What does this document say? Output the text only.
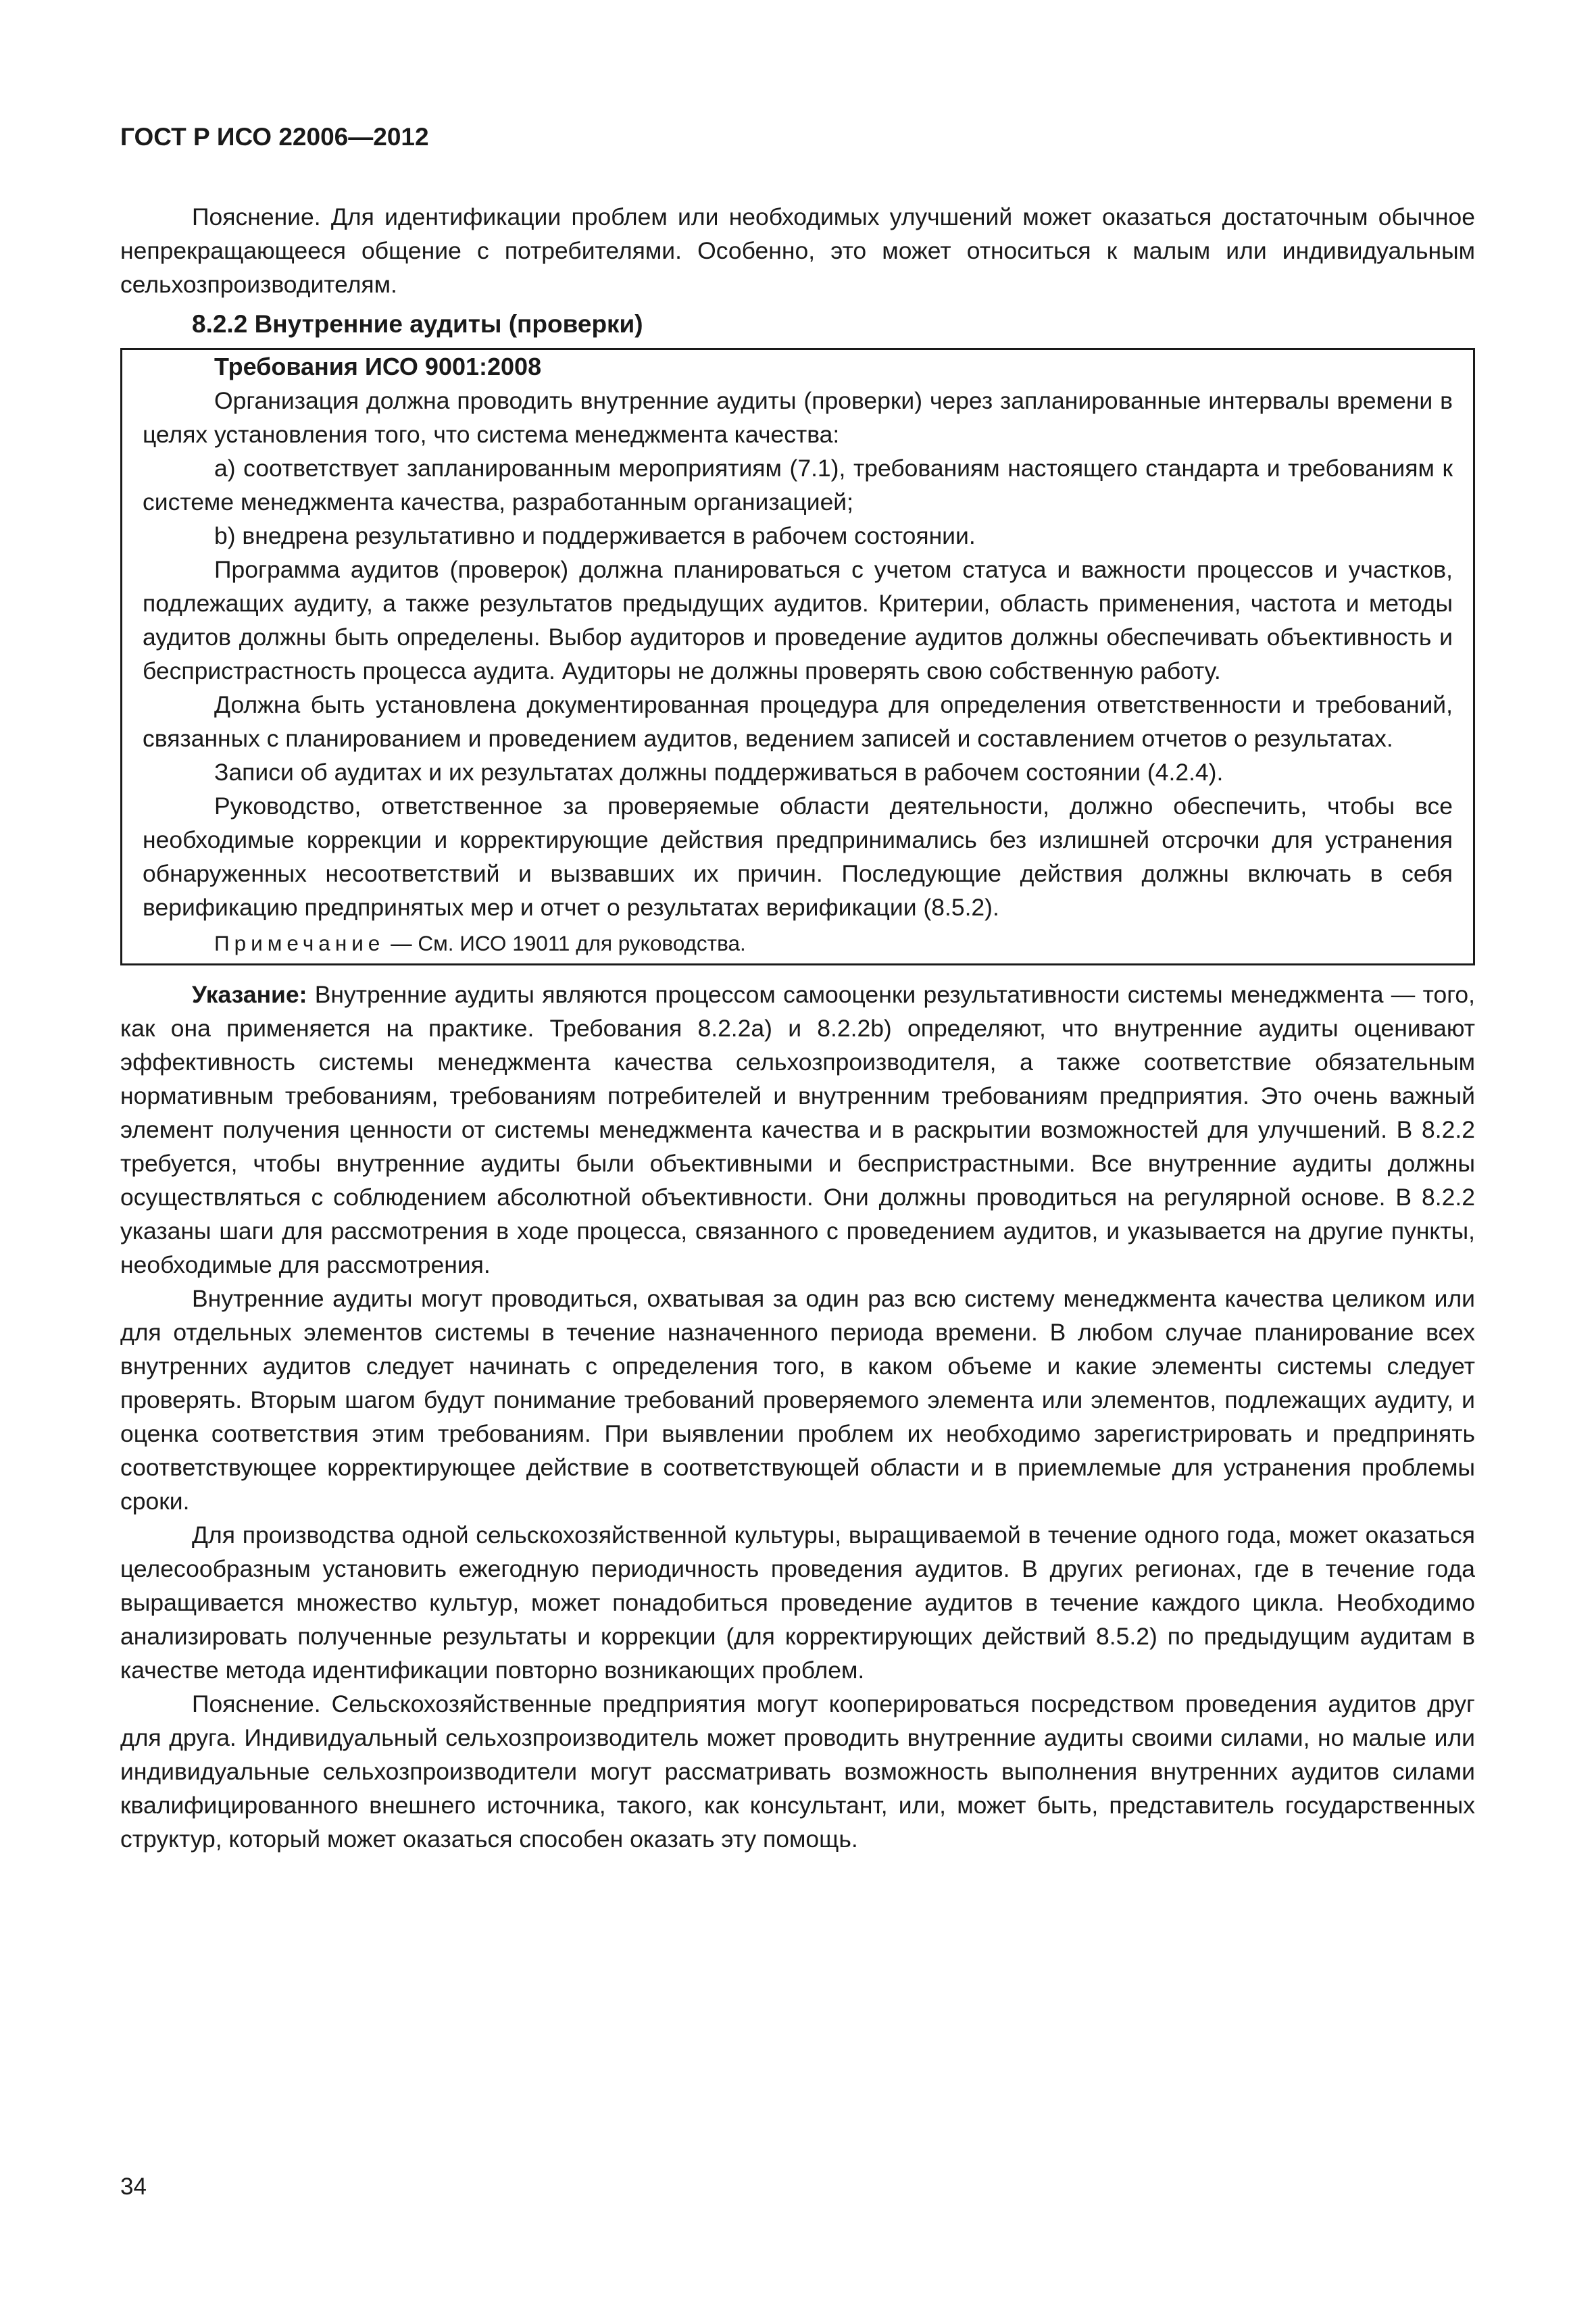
ГОСТ Р ИСО 22006—2012

Пояснение. Для идентификации проблем или необходимых улучшений может оказаться достаточным обычное непрекращающееся общение с потребителями. Особенно, это может относиться к малым или индивидуальным сельхозпроизводителям.

8.2.2 Внутренние аудиты (проверки)
Требования ИСО 9001:2008

Организация должна проводить внутренние аудиты (проверки) через запланированные интервалы времени в целях установления того, что система менеджмента качества:

a) соответствует запланированным мероприятиям (7.1), требованиям настоящего стандарта и требованиям к системе менеджмента качества, разработанным организацией;

b) внедрена результативно и поддерживается в рабочем состоянии.

Программа аудитов (проверок) должна планироваться с учетом статуса и важности процессов и участков, подлежащих аудиту, а также результатов предыдущих аудитов. Критерии, область применения, частота и методы аудитов должны быть определены. Выбор аудиторов и проведение аудитов должны обеспечивать объективность и беспристрастность процесса аудита. Аудиторы не должны проверять свою собственную работу.

Должна быть установлена документированная процедура для определения ответственности и требований, связанных с планированием и проведением аудитов, ведением записей и составлением отчетов о результатах.

Записи об аудитах и их результатах должны поддерживаться в рабочем состоянии (4.2.4).

Руководство, ответственное за проверяемые области деятельности, должно обеспечить, чтобы все необходимые коррекции и корректирующие действия предпринимались без излишней отсрочки для устранения обнаруженных несоответствий и вызвавших их причин. Последующие действия должны включать в себя верификацию предпринятых мер и отчет о результатах верификации (8.5.2).

Примечание — См. ИСО 19011 для руководства.

Указание: Внутренние аудиты являются процессом самооценки результативности системы менеджмента — того, как она применяется на практике. Требования 8.2.2a) и 8.2.2b) определяют, что внутренние аудиты оценивают эффективность системы менеджмента качества сельхозпроизводителя, а также соответствие обязательным нормативным требованиям, требованиям потребителей и внутренним требованиям предприятия. Это очень важный элемент получения ценности от системы менеджмента качества и в раскрытии возможностей для улучшений. В 8.2.2 требуется, чтобы внутренние аудиты были объективными и беспристрастными. Все внутренние аудиты должны осуществляться с соблюдением абсолютной объективности. Они должны проводиться на регулярной основе. В 8.2.2 указаны шаги для рассмотрения в ходе процесса, связанного с проведением аудитов, и указывается на другие пункты, необходимые для рассмотрения.

Внутренние аудиты могут проводиться, охватывая за один раз всю систему менеджмента качества целиком или для отдельных элементов системы в течение назначенного периода времени. В любом случае планирование всех внутренних аудитов следует начинать с определения того, в каком объеме и какие элементы системы следует проверять. Вторым шагом будут понимание требований проверяемого элемента или элементов, подлежащих аудиту, и оценка соответствия этим требованиям. При выявлении проблем их необходимо зарегистрировать и предпринять соответствующее корректирующее действие в соответствующей области и в приемлемые для устранения проблемы сроки.

Для производства одной сельскохозяйственной культуры, выращиваемой в течение одного года, может оказаться целесообразным установить ежегодную периодичность проведения аудитов. В других регионах, где в течение года выращивается множество культур, может понадобиться проведение аудитов в течение каждого цикла. Необходимо анализировать полученные результаты и коррекции (для корректирующих действий 8.5.2) по предыдущим аудитам в качестве метода идентификации повторно возникающих проблем.

Пояснение. Сельскохозяйственные предприятия могут кооперироваться посредством проведения аудитов друг для друга. Индивидуальный сельхозпроизводитель может проводить внутренние аудиты своими силами, но малые или индивидуальные сельхозпроизводители могут рассматривать возможность выполнения внутренних аудитов силами квалифицированного внешнего источника, такого, как консультант, или, может быть, представитель государственных структур, который может оказаться способен оказать эту помощь.

34
